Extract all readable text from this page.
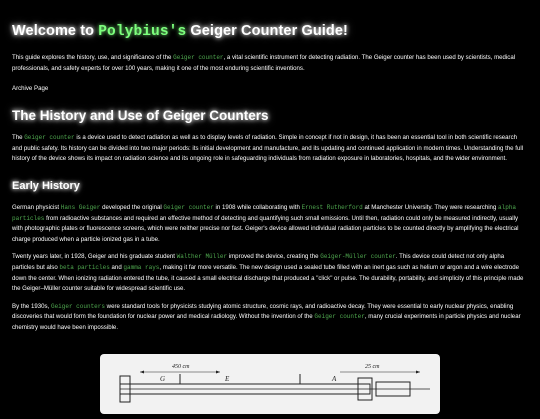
Welcome to Polybius's Geiger Counter Guide!

This guide explores the history, use, and significance of the Geiger counter, a vital scientific instrument for detecting radiation. The Geiger counter has been used by scientists, medical professionals, and safety experts for over 100 years, making it one of the most enduring scientific inventions.

Archive Page
The History and Use of Geiger Counters

The Geiger counter is a device used to detect radiation as well as to display levels of radiation. Simple in concept if not in design, it has been an essential tool in both scientific research and public safety. Its history can be divided into two major periods: its initial development and manufacture, and its updating and continued application in modern times. Understanding the full history of the device shows its impact on radiation science and its ongoing role in safeguarding individuals from radiation exposure in laboratories, hospitals, and the wider environment.

Early History

German physicist Hans Geiger developed the original Geiger counter in 1908 while collaborating with Ernest Rutherford at Manchester University. They were researching alpha particles from radioactive substances and required an effective method of detecting and quantifying such small emissions. Until then, radiation could only be measured indirectly, usually with photographic plates or fluorescence screens, which were neither precise nor fast. Geiger's device allowed individual radiation particles to be counted directly by amplifying the electrical charge produced when a particle ionized gas in a tube.

Twenty years later, in 1928, Geiger and his graduate student Walther Müller improved the device, creating the Geiger-Müller counter. This device could detect not only alpha particles but also beta particles and gamma rays, making it far more versatile. The new design used a sealed tube filled with an inert gas such as helium or argon and a wire electrode down the center. When ionizing radiation entered the tube, it caused a small electrical discharge that produced a "click" or pulse. The durability, portability, and simplicity of this principle made the Geiger–Müller counter suitable for widespread scientific use.

By the 1930s, Geiger counters were standard tools for physicists studying atomic structure, cosmic rays, and radioactive decay. They were essential to early nuclear physics, enabling discoveries that would form the foundation for nuclear power and medical radiology. Without the invention of the Geiger counter, many crucial experiments in particle physics and nuclear chemistry would have been impossible.

450 cm	25 cm
G	E	A
